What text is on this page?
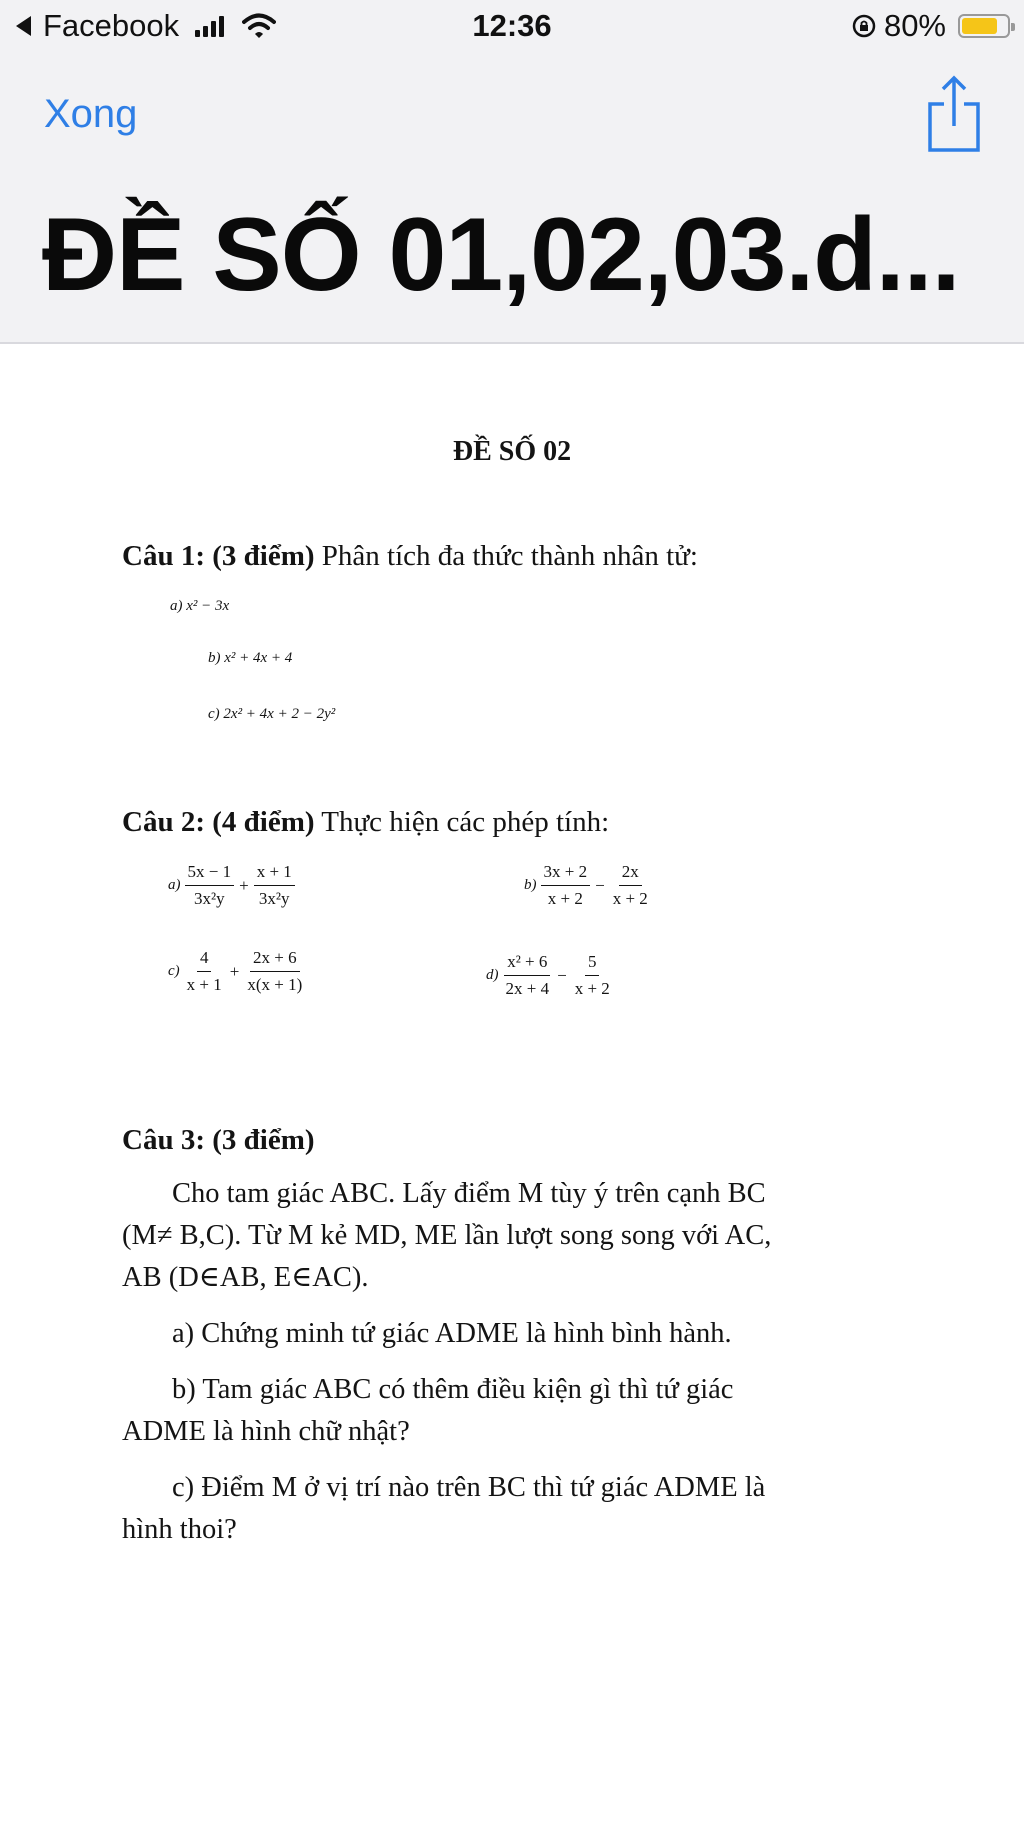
Facebook	12:36	80%
Xong
ĐỀ SỐ 01,02,03.d...
ĐỀ SỐ 02
Câu 1: (3 điểm) Phân tích đa thức thành nhân tử:
a) x² − 3x
b) x² + 4x + 4
c) 2x² + 4x + 2 − 2y²
Câu 2: (4 điểm) Thực hiện các phép tính:
$a) \frac{5x - 1}{\text{3x²y}} + \frac{x + 1}{\text{3x²y}}$	$b) \frac{3x + 2}{x + 2} - \frac{2x}{x + 2}$
$c) \frac{4}{x + 1} + \frac{2x + 6}{x(x + 1)}$	$d) \frac{\text{x² + 6}}{2x + 4} - \frac{5}{x + 2}$
Câu 3: (3 điểm)
Cho tam giác ABC. Lấy điểm M tùy ý trên cạnh BC
(M≠ B,C). Từ M kẻ MD, ME lần lượt song song với AC,
AB (D∈AB, E∈AC).
a) Chứng minh tứ giác ADME là hình bình hành.
b) Tam giác ABC có thêm điều kiện gì thì tứ giác
ADME là hình chữ nhật?
c) Điểm M ở vị trí nào trên BC thì tứ giác ADME là
hình thoi?
